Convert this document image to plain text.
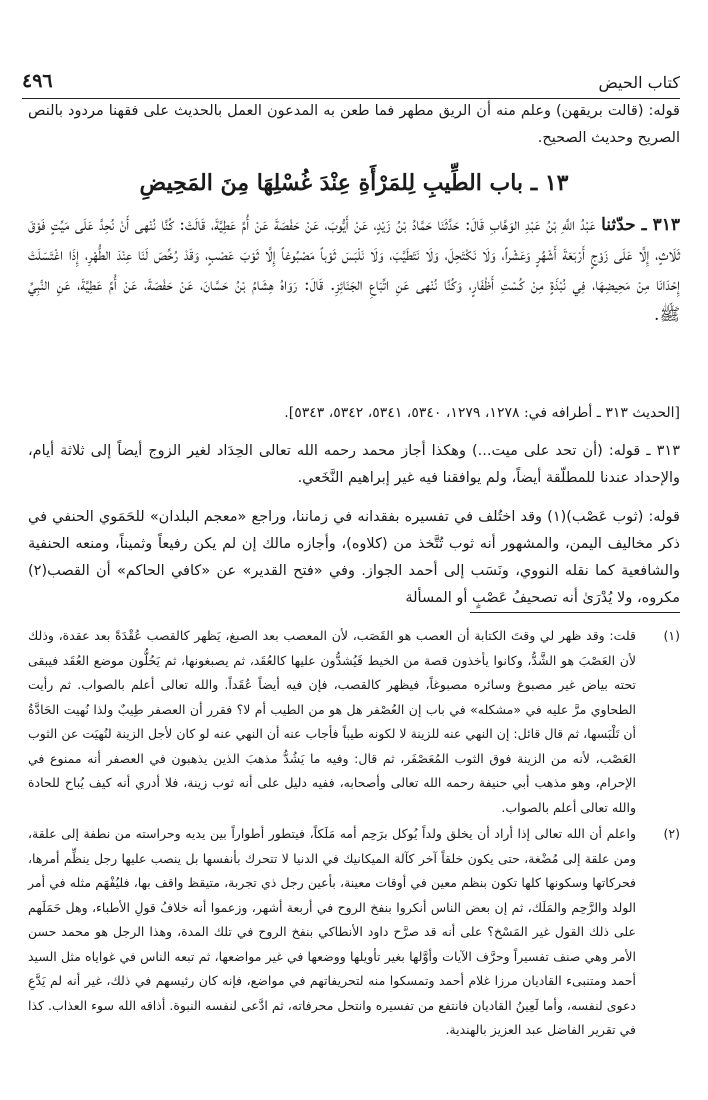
كتاب الحيض
٤٩٦

قوله: (قالت بريقهن) وعلم منه أن الريق مطهر فما طعن به المدعون العمل بالحديث على فقهنا مردود بالنص الصريح وحديث الصحيح.

١٣ ـ باب الطِّيبِ لِلمَرْأَةِ عِنْدَ غُسْلِهَا مِنَ المَحِيضِ

٣١٣ ـ حدّثنا عَبْدُ اللَّهِ بْنُ عَبْدِ الوَهَّابِ قَالَ: حَدَّثَنَا حَمَّادُ بْنُ زَيْدٍ، عَنْ أَيُّوبَ، عَنْ حَفْصَةَ عَنْ أُمِّ عَطِيَّةَ، قَالَتْ: كُنَّا نُنْهى أَنْ نُحِدَّ عَلَى مَيِّتٍ فَوْقَ ثَلَاثٍ، إِلَّا عَلَى زَوْجٍ أَرْبَعَةَ أَشْهُرٍ وَعَشْراً، وَلَا نَكْتَحِلَ، وَلَا نَتَطَيَّبَ، وَلَا نَلْبَسَ ثَوْباً مَصْبُوغاً إِلَّا ثَوْبَ عَصْبٍ، وَقَدْ رُخِّصَ لَنَا عِنْدَ الطُّهْرِ، إِذَا اغْتَسَلَتْ إِحْدَانَا مِنْ مَحِيضِهَا، فِي نُبْذَةٍ مِنْ كُسْتِ أَظْفَارٍ، وَكُنَّا نُنْهى عَنِ اتِّبَاعِ الجَنَائِزِ. قَالَ: رَوَاهُ هِشَامُ بْنُ حَسَّانَ، عَنْ حَفْصَةَ، عَنْ أُمِّ عَطِيَّةَ، عَنِ النَّبِيِّ ﷺ.

[الحديث ٣١٣ ـ أطرافه في: ١٢٧٨، ١٢٧٩، ٥٣٤٠، ٥٣٤١، ٥٣٤٢، ٥٣٤٣].

٣١٣ ـ قوله: (أن تحد على ميت...) وهكذا أجاز محمد رحمه الله تعالى الحِدَاد لغير الزوج أيضاً إلى ثلاثة أيام، والإحداد عندنا للمطلّقة أيضاً، ولم يوافقنا فيه غير إبراهيم النَّخَعي.

قوله: (ثوب عَصْب)(١) وقد اختُلف في تفسيره بفقدانه في زماننا، وراجع «معجم البلدان» للحَمَوي الحنفي في ذكر مخاليف اليمن، والمشهور أنه ثوب تُتَّخذ من (كلاوه)، وأجازه مالك إن لم يكن رفيعاً وثميناً، ومنعه الحنفية والشافعية كما نقله النووي، ونَسَب إلى أحمد الجواز. وفي «فتح القدير» عن «كافي الحاكم» أن القصب(٢) مكروه، ولا يُدْرَىٰ أنه تصحيفُ عَصْبٍ أو المسألة

(١)

قلت: وقد ظهر لي وقتَ الكتابة أن العصب هو القَصَب، لأن المعصب بعد الصبغ، يَظهر كالقصب عُقْدَةً بعد عقدة، وذلك لأن العَصْبَ هو الشَّدُّ، وكانوا يأخذون قصة من الخيط فَيُشدُّون عليها كالعُقَد، ثم يصبغونها، ثم يَحُلُّون موضع العُقَد فيبقى تحته بياض غير مصبوغ وسائره مصبوغاً، فيظهر كالقصب، فإن فيه أيضاً عُقَداً. والله تعالى أعلم بالصواب. ثم رأيت الطحاوي مرَّ عليه في «مشكله» في باب إن العُصْفر هل هو من الطيب أم لا؟ فقرر أن العصفر طِيبٌ ولذا نُهيت الحَادَّةُ أن تَلْبَسها، ثم قال قائل: إن النهي عنه للزينة لا لكونه طيباً فأجاب عنه أن النهي عنه لو كان لأجل الزينة لنُهيَت عن الثوب العَصْب، لأنه من الزينة فوق الثوب المُعَصْفَر، ثم قال: وفيه ما يَشُدُّ مذهبَ الذين يذهبون في العصفر أنه ممنوع في الإحرام، وهو مذهب أبي حنيفة رحمه الله تعالى وأصحابه، ففيه دليل على أنه ثوب زينة، فلا أدري أنه كيف يُباح للحادة والله تعالى أعلم بالصواب.

(٢)

واعلم أن الله تعالى إذا أراد أن يخلق ولداً يُوكل برَحِم أمه مَلَكاً، فيتطور أطواراً بين يديه وحراسته من نطفة إلى علقة، ومن علقة إلى مُضْغة، حتى يكون خلقاً آخر كآلة الميكانيك في الدنيا لا تتحرك بأنفسها بل ينصب عليها رجل ينظِّم أمرها، فحركاتها وسكونها كلها تكون بنظم معين في أوقات معينة، بأعين رجل ذي تجربة، متيقظ واقف بها، فليُفْهَم مثله في أمر الولد والرَّحِم والمَلَك، ثم إن بعض الناس أنكروا بنفخ الروح في أربعة أشهر، وزعموا أنه خلافُ قولِ الأطباء، وهل حَمَلَهم على ذلك القول غير المَسْخ؟ على أنه قد صرَّح داود الأنطاكي بنفخ الروح في تلك المدة، وهذا الرجل هو محمد حسن الأمر وهي صنف تفسيراً وحرَّف الآيات وأوَّلها بغير تأويلها ووضعها في غير مواضعها، ثم تبعه الناس في غواياه مثل السيد أحمد ومتنبىء القاديان مرزا غلام أحمد وتمسكوا منه لتحريفاتهم في مواضع، فإنه كان رئيسهم في ذلك، غير أنه لم يَدَّعِ دعوى لنفسه، وأما لَعِينُ القاديان فانتفع من تفسيره وانتحل محرفاته، ثم ادَّعى لنفسه النبوة. أذاقه الله سوء العذاب. كذا في تقرير الفاضل عبد العزيز بالهندية.
